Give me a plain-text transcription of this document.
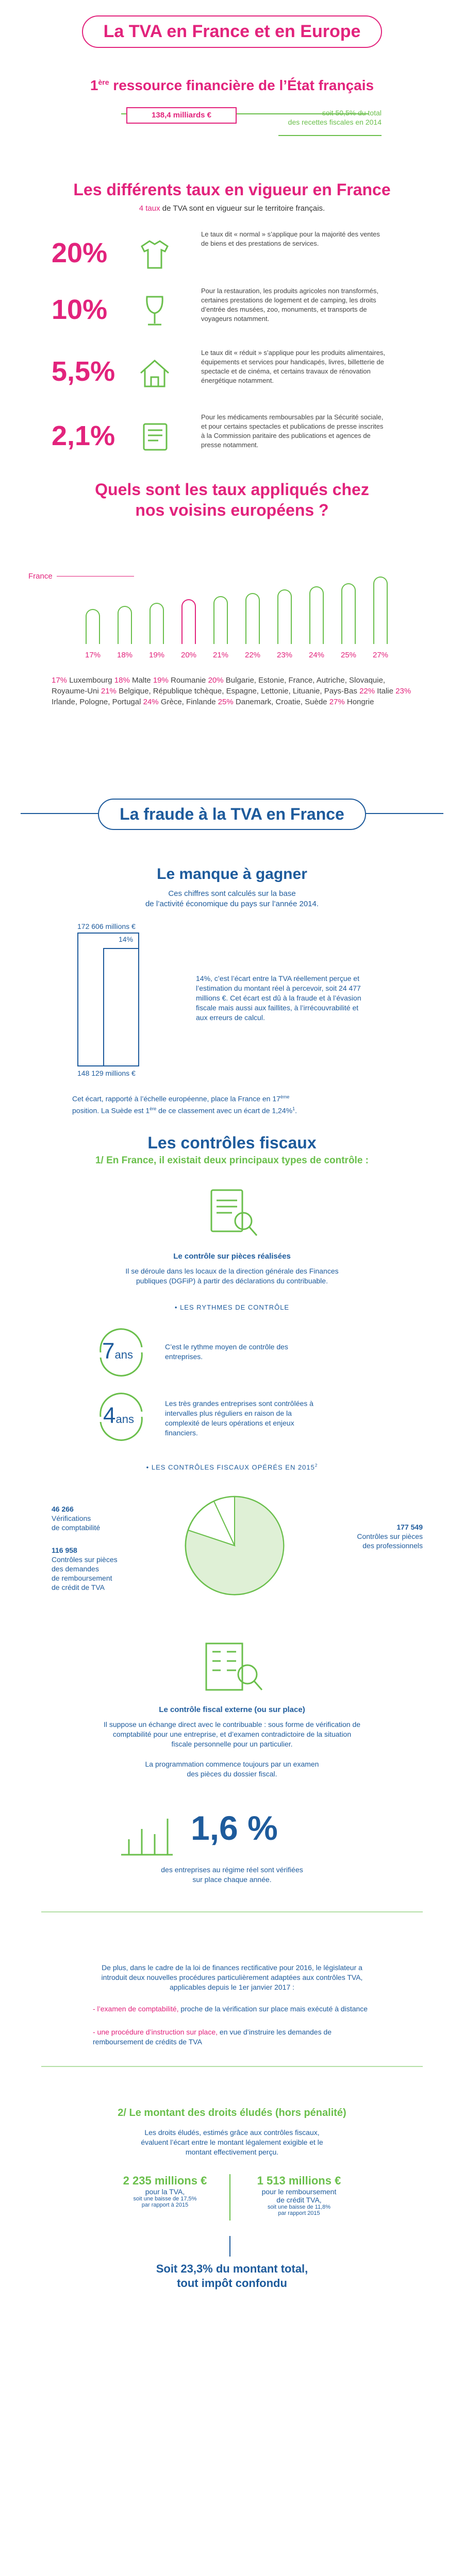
La TVA en France et en Europe
1ère ressource financière de l’État français
138,4 milliards €	soit 50,5% du total
des recettes fiscales en 2014
Les différents taux en vigueur en France
4 taux de TVA sont en vigueur sur le territoire français.
20%
Le taux dit « normal » s’applique pour la majorité des ventes de biens et des prestations de services.
10%
Pour la restauration, les produits agricoles non transformés, certaines prestations de logement et de camping, les droits d’entrée des musées, zoo, monuments, et transports de voyageurs notamment.
5,5%
Le taux dit « réduit » s’applique pour les produits alimentaires, équipements et services pour handicapés, livres, billetterie de spectacle et de cinéma, et certains travaux de rénovation énergétique notamment.
2,1%
Pour les médicaments remboursables par la Sécurité sociale, et pour certains spectacles et publications de presse inscrites à la Commission paritaire des publications et agences de presse notamment.
Quels sont les taux appliqués chez
nos voisins européens ?
France
17%	18%	19%	20%	21%	22%	23%	24%	25%	27%
17% Luxembourg 18% Malte 19% Roumanie 20% Bulgarie, Estonie, France, Autriche, Slovaquie, Royaume-Uni 21% Belgique, République tchèque, Espagne, Lettonie, Lituanie, Pays-Bas 22% Italie 23% Irlande, Pologne, Portugal 24% Grèce, Finlande 25% Danemark, Croatie, Suède 27% Hongrie
La fraude à la TVA en France
Le manque à gagner
Ces chiffres sont calculés sur la base
de l’activité économique du pays sur l’année 2014.
172 606 millions €
14%
148 129 millions €
14%, c’est l’écart entre la TVA réellement perçue et l’estimation du montant réel à percevoir, soit 24 477 millions €. Cet écart est dû à la fraude et à l’évasion fiscale mais aussi aux faillites, à l’irrécouvrabilité et aux erreurs de calcul.
Cet écart, rapporté à l’échelle européenne, place la France en 17ème
position. La Suède est 1ère de ce classement avec un écart de 1,24%$^1$.
Les contrôles fiscaux
1/ En France, il existait deux principaux types de contrôle :
Le contrôle sur pièces réalisées
Il se déroule dans les locaux de la direction générale des Finances
publiques (DGFiP) à partir des déclarations du contribuable.
• LES RYTHMES DE CONTRÔLE
7ans
C’est le rythme moyen de contrôle des entreprises.
4ans
Les très grandes entreprises sont contrôlées à intervalles plus réguliers en raison de la complexité de leurs opérations et enjeux financiers.
• LES CONTRÔLES FISCAUX OPÉRÉS EN 2015$^2$
46 266
Vérifications
de comptabilité
116 958
Contrôles sur pièces
des demandes
de remboursement
de crédit de TVA
177 549
Contrôles sur pièces
des professionnels
Le contrôle fiscal externe (ou sur place)
Il suppose un échange direct avec le contribuable : sous forme de vérification de comptabilité pour une entreprise, et d’examen contradictoire de la situation fiscale personnelle pour un particulier.
La programmation commence toujours par un examen des pièces du dossier fiscal.
1,6 %
des entreprises au régime réel sont vérifiées
sur place chaque année.
De plus, dans le cadre de la loi de finances rectificative pour 2016, le législateur a introduit deux nouvelles procédures particulièrement adaptées aux contrôles TVA, applicables depuis le 1er janvier 2017 :
- l’examen de comptabilité, proche de la vérification sur place mais exécuté à distance
- une procédure d’instruction sur place, en vue d’instruire les demandes de remboursement de crédits de TVA
2/ Le montant des droits éludés (hors pénalité)
Les droits éludés, estimés grâce aux contrôles fiscaux, évaluent l’écart entre le montant légalement exigible et le montant effectivement perçu.
2 235 millions €
pour la TVA,
soit une baisse de 17,5%
par rapport à 2015
1 513 millions €
pour le remboursement
de crédit TVA,
soit une baisse de 11,8%
par rapport 2015
Soit 23,3% du montant total,
tout impôt confondu
